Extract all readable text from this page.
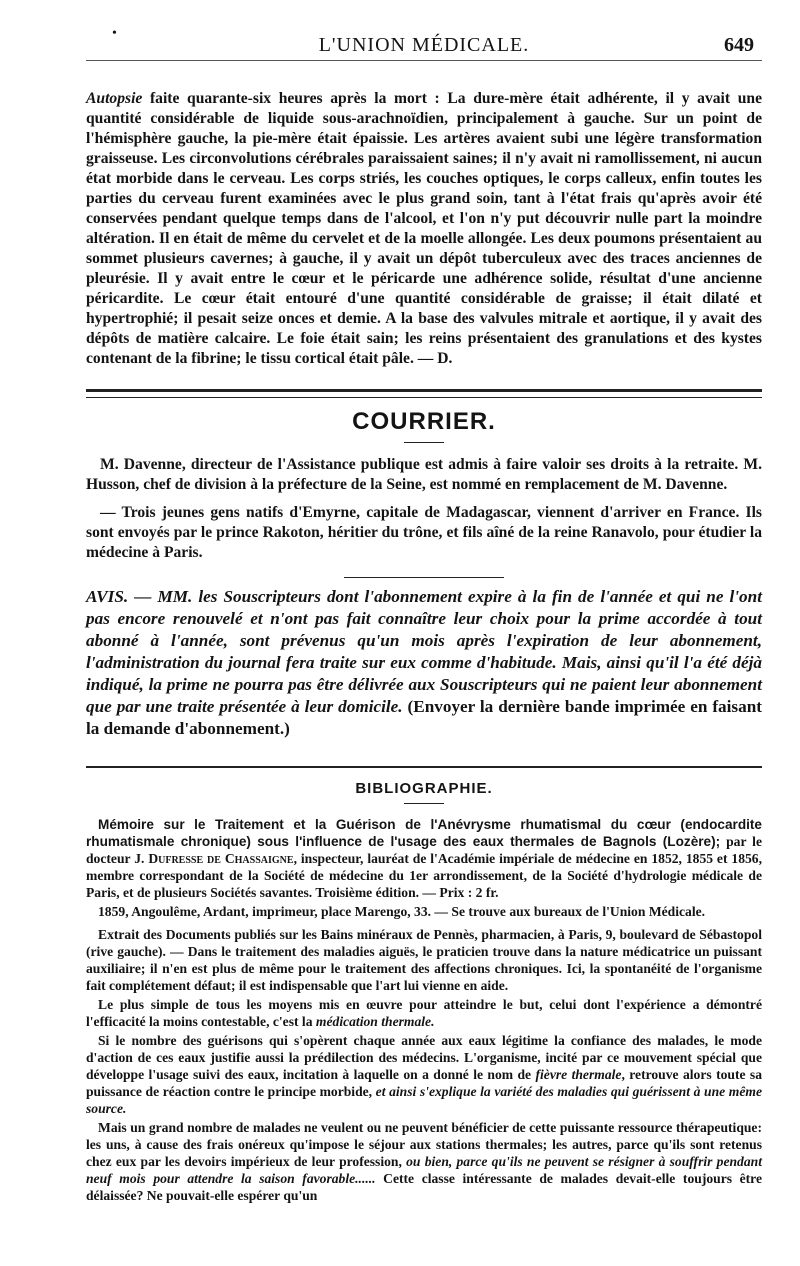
•
L'UNION MÉDICALE.	649

Autopsie faite quarante-six heures après la mort : La dure-mère était adhérente, il y avait une quantité considérable de liquide sous-arachnoïdien, principalement à gauche. Sur un point de l'hémisphère gauche, la pie-mère était épaissie. Les artères avaient subi une légère transformation graisseuse. Les circonvolutions cérébrales paraissaient saines; il n'y avait ni ramollissement, ni aucun état morbide dans le cerveau. Les corps striés, les couches optiques, le corps calleux, enfin toutes les parties du cerveau furent examinées avec le plus grand soin, tant à l'état frais qu'après avoir été conservées pendant quelque temps dans de l'alcool, et l'on n'y put découvrir nulle part la moindre altération. Il en était de même du cervelet et de la moelle allongée. Les deux poumons présentaient au sommet plusieurs cavernes; à gauche, il y avait un dépôt tuberculeux avec des traces anciennes de pleurésie. Il y avait entre le cœur et le péricarde une adhérence solide, résultat d'une ancienne péricardite. Le cœur était entouré d'une quantité considérable de graisse; il était dilaté et hypertrophié; il pesait seize onces et demie. A la base des valvules mitrale et aortique, il y avait des dépôts de matière calcaire. Le foie était sain; les reins présentaient des granulations et des kystes contenant de la fibrine; le tissu cortical était pâle. — D.

COURRIER.

M. Davenne, directeur de l'Assistance publique est admis à faire valoir ses droits à la retraite. M. Husson, chef de division à la préfecture de la Seine, est nommé en remplacement de M. Davenne.

— Trois jeunes gens natifs d'Emyrne, capitale de Madagascar, viennent d'arriver en France. Ils sont envoyés par le prince Rakoton, héritier du trône, et fils aîné de la reine Ranavolo, pour étudier la médecine à Paris.

AVIS. — MM. les Souscripteurs dont l'abonnement expire à la fin de l'année et qui ne l'ont pas encore renouvelé et n'ont pas fait connaître leur choix pour la prime accordée à tout abonné à l'année, sont prévenus qu'un mois après l'expiration de leur abonnement, l'administration du journal fera traite sur eux comme d'habitude. Mais, ainsi qu'il l'a été déjà indiqué, la prime ne pourra pas être délivrée aux Souscripteurs qui ne paient leur abonnement que par une traite présentée à leur domicile. (Envoyer la dernière bande imprimée en faisant la demande d'abonnement.)

BIBLIOGRAPHIE.

Mémoire sur le Traitement et la Guérison de l'Anévrysme rhumatismal du cœur (endocardite rhumatismale chronique) sous l'influence de l'usage des eaux thermales de Bagnols (Lozère); par le docteur J. Dufresse de Chassaigne, inspecteur, lauréat de l'Académie impériale de médecine en 1852, 1855 et 1856, membre correspondant de la Société de médecine du 1er arrondissement, de la Société d'hydrologie médicale de Paris, et de plusieurs Sociétés savantes. Troisième édition. — Prix : 2 fr.

1859, Angoulême, Ardant, imprimeur, place Marengo, 33. — Se trouve aux bureaux de l'Union Médicale.

Extrait des Documents publiés sur les Bains minéraux de Pennès, pharmacien, à Paris, 9, boulevard de Sébastopol (rive gauche). — Dans le traitement des maladies aiguës, le praticien trouve dans la nature médicatrice un puissant auxiliaire; il n'en est plus de même pour le traitement des affections chroniques. Ici, la spontanéité de l'organisme fait complétement défaut; il est indispensable que l'art lui vienne en aide.

Le plus simple de tous les moyens mis en œuvre pour atteindre le but, celui dont l'expérience a démontré l'efficacité la moins contestable, c'est la médication thermale.

Si le nombre des guérisons qui s'opèrent chaque année aux eaux légitime la confiance des malades, le mode d'action de ces eaux justifie aussi la prédilection des médecins. L'organisme, incité par ce mouvement spécial que développe l'usage suivi des eaux, incitation à laquelle on a donné le nom de fièvre thermale, retrouve alors toute sa puissance de réaction contre le principe morbide, et ainsi s'explique la variété des maladies qui guérissent à une même source.

Mais un grand nombre de malades ne veulent ou ne peuvent bénéficier de cette puissante ressource thérapeutique: les uns, à cause des frais onéreux qu'impose le séjour aux stations thermales; les autres, parce qu'ils sont retenus chez eux par les devoirs impérieux de leur profession, ou bien, parce qu'ils ne peuvent se résigner à souffrir pendant neuf mois pour attendre la saison favorable...... Cette classe intéressante de malades devait-elle toujours être délaissée? Ne pouvait-elle espérer qu'un
